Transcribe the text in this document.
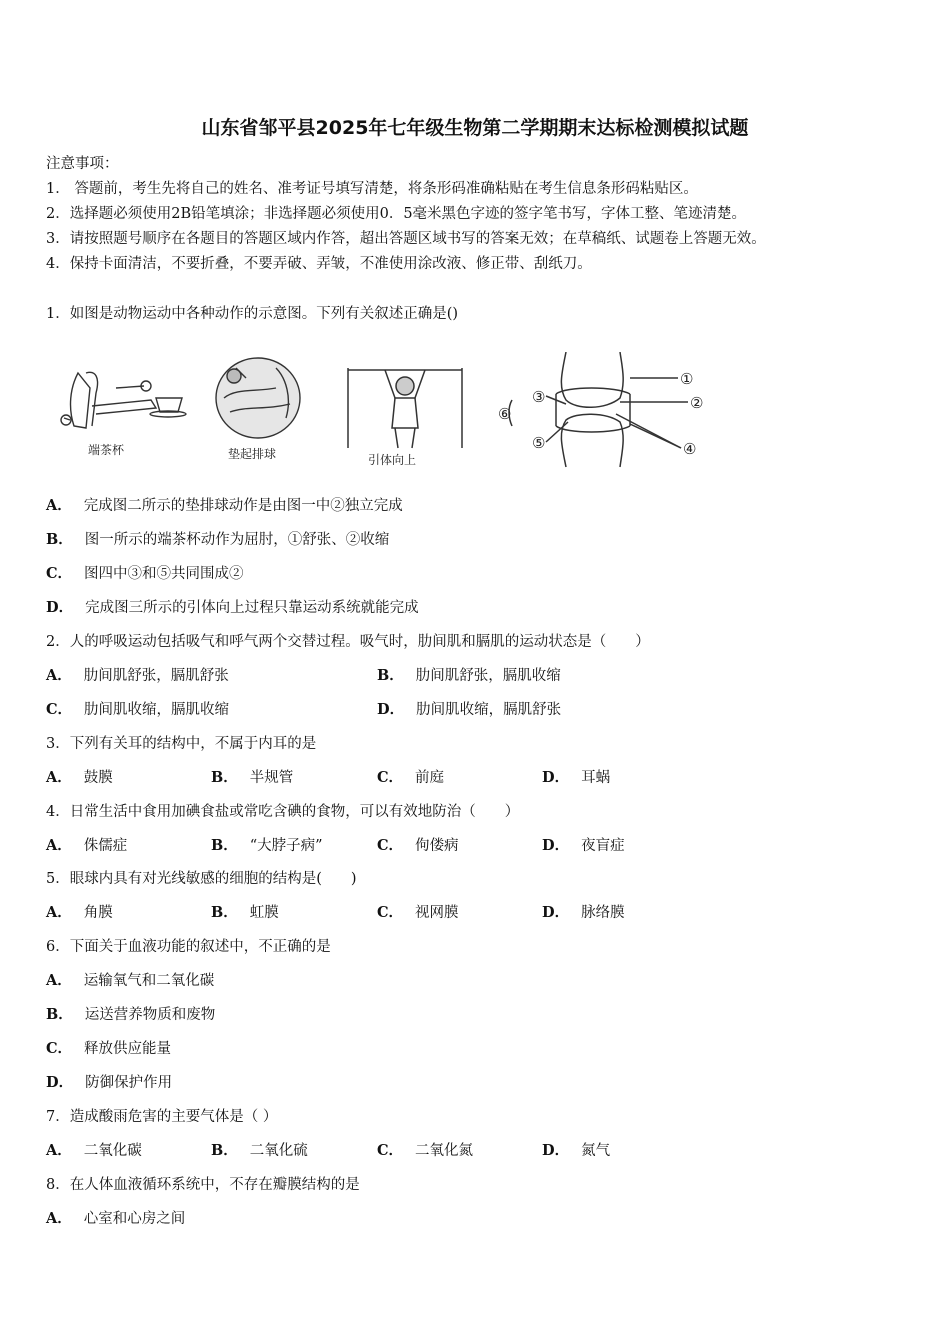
山东省邹平县2025年七年级生物第二学期期末达标检测模拟试题
注意事项：
1． 答题前，考生先将自己的姓名、准考证号填写清楚，将条形码准确粘贴在考生信息条形码粘贴区。
2．选择题必须使用2B铅笔填涂；非选择题必须使用0．5毫米黑色字迹的签字笔书写，字体工整、笔迹清楚。
3．请按照题号顺序在各题目的答题区域内作答，超出答题区域书写的答案无效；在草稿纸、试题卷上答题无效。
4．保持卡面清洁，不要折叠，不要弄破、弄皱，不准使用涂改液、修正带、刮纸刀。
1．如图是动物运动中各种动作的示意图。下列有关叙述正确是()
端茶杯	垫起排球	引体向上
①
②
③
④
⑤
⑥
A． 完成图二所示的垫排球动作是由图一中②独立完成
B． 图一所示的端茶杯动作为屈肘，①舒张、②收缩
C． 图四中③和⑤共同围成②
D． 完成图三所示的引体向上过程只靠运动系统就能完成
2．人的呼吸运动包括吸气和呼气两个交替过程。吸气时，肋间肌和膈肌的运动状态是（　　）
A． 肋间肌舒张，膈肌舒张	B． 肋间肌舒张，膈肌收缩
C． 肋间肌收缩，膈肌收缩	D． 肋间肌收缩，膈肌舒张
3．下列有关耳的结构中，不属于内耳的是
A． 鼓膜	B． 半规管	C． 前庭	D． 耳蜗
4．日常生活中食用加碘食盐或常吃含碘的食物，可以有效地防治（　　）
A． 侏儒症	B． “大脖子病”	C． 佝偻病	D． 夜盲症
5．眼球内具有对光线敏感的细胞的结构是(　　)
A． 角膜	B． 虹膜	C． 视网膜	D． 脉络膜
6．下面关于血液功能的叙述中，不正确的是
A． 运输氧气和二氧化碳
B． 运送营养物质和废物
C． 释放供应能量
D． 防御保护作用
7．造成酸雨危害的主要气体是（ ）
A． 二氧化碳	B． 二氧化硫	C． 二氧化氮	D． 氮气
8．在人体血液循环系统中，不存在瓣膜结构的是
A． 心室和心房之间
